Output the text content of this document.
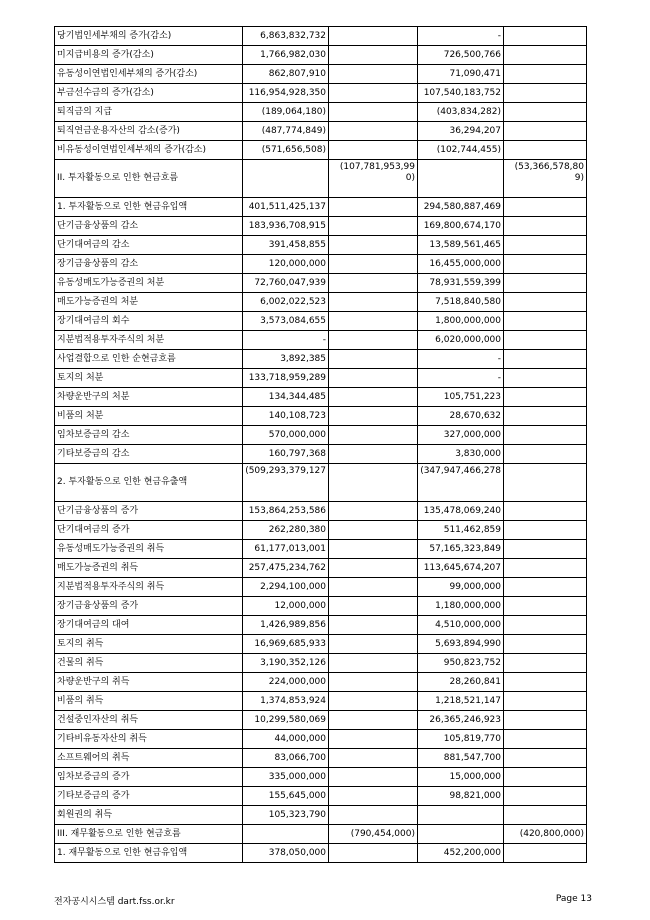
당기법인세부채의 증가(감소)	6,863,832,732		-	
미지급비용의 증가(감소)	1,766,982,030		726,500,766	
유동성이연법인세부채의 증가(감소)	862,807,910		71,090,471	
부금선수금의 증가(감소)	116,954,928,350		107,540,183,752	
퇴직금의 지급	(189,064,180)		(403,834,282)	
퇴직연금운용자산의 감소(증가)	(487,774,849)		36,294,207	
비유동성이연법인세부채의 증가(감소)	(571,656,508)		(102,744,455)	
II. 투자활동으로 인한 현금흐름		(107,781,953,990)		(53,366,578,809)
1. 투자활동으로 인한 현금유입액	401,511,425,137		294,580,887,469	
단기금융상품의 감소	183,936,708,915		169,800,674,170	
단기대여금의 감소	391,458,855		13,589,561,465	
장기금융상품의 감소	120,000,000		16,455,000,000	
유동성매도가능증권의 처분	72,760,047,939		78,931,559,399	
매도가능증권의 처분	6,002,022,523		7,518,840,580	
장기대여금의 회수	3,573,084,655		1,800,000,000	
지분법적용투자주식의 처분	-		6,020,000,000	
사업결합으로 인한 순현금흐름	3,892,385		-	
토지의 처분	133,718,959,289		-	
차량운반구의 처분	134,344,485		105,751,223	
비품의 처분	140,108,723		28,670,632	
임차보증금의 감소	570,000,000		327,000,000	
기타보증금의 감소	160,797,368		3,830,000	
2. 투자활동으로 인한 현금유출액	(509,293,379,127		(347,947,466,278	
단기금융상품의 증가	153,864,253,586		135,478,069,240	
단기대여금의 증가	262,280,380		511,462,859	
유동성매도가능증권의 취득	61,177,013,001		57,165,323,849	
매도가능증권의 취득	257,475,234,762		113,645,674,207	
지분법적용투자주식의 취득	2,294,100,000		99,000,000	
장기금융상품의 증가	12,000,000		1,180,000,000	
장기대여금의 대여	1,426,989,856		4,510,000,000	
토지의 취득	16,969,685,933		5,693,894,990	
건물의 취득	3,190,352,126		950,823,752	
차량운반구의 취득	224,000,000		28,260,841	
비품의 취득	1,374,853,924		1,218,521,147	
건설중인자산의 취득	10,299,580,069		26,365,246,923	
기타비유동자산의 취득	44,000,000		105,819,770	
소프트웨어의 취득	83,066,700		881,547,700	
임차보증금의 증가	335,000,000		15,000,000	
기타보증금의 증가	155,645,000		98,821,000	
회원권의 취득	105,323,790			
III. 재무활동으로 인한 현금흐름		(790,454,000)		(420,800,000)
1. 재무활동으로 인한 현금유입액	378,050,000		452,200,000	
전자공시시스템 dart.fss.or.kr	Page 13
